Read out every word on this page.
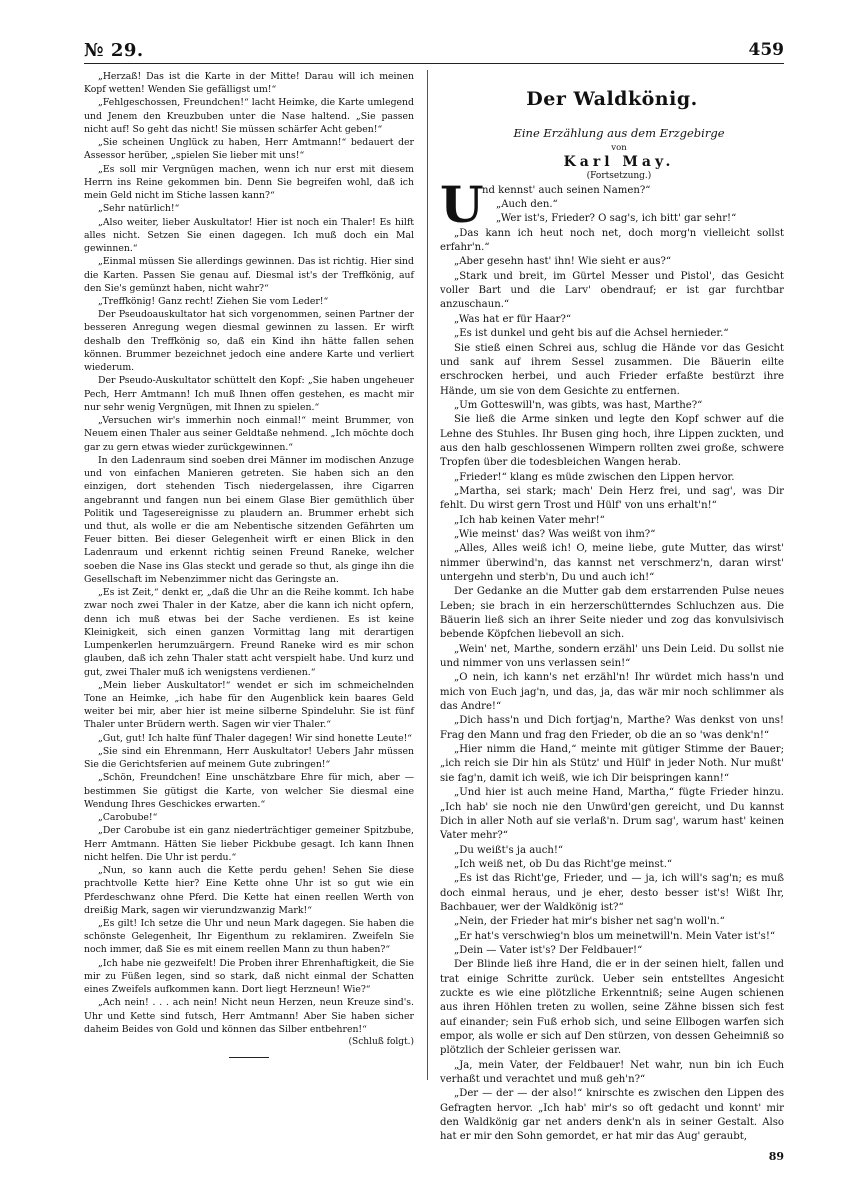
№ 29.	459

„Herzaß! Das ist die Karte in der Mitte! Darau will ich meinen Kopf wetten! Wenden Sie gefälligst um!“

„Fehlgeschossen, Freundchen!“ lacht Heimke, die Karte umlegend und Jenem den Kreuzbuben unter die Nase haltend. „Sie passen nicht auf! So geht das nicht! Sie müssen schärfer Acht geben!“

„Sie scheinen Unglück zu haben, Herr Amtmann!“ bedauert der Assessor herüber, „spielen Sie lieber mit uns!“

„Es soll mir Vergnügen machen, wenn ich nur erst mit diesem Herrn ins Reine gekommen bin. Denn Sie begreifen wohl, daß ich mein Geld nicht im Stiche lassen kann?“

„Sehr natürlich!“

„Also weiter, lieber Auskultator! Hier ist noch ein Thaler! Es hilft alles nicht. Setzen Sie einen dagegen. Ich muß doch ein Mal gewinnen.“

„Einmal müssen Sie allerdings gewinnen. Das ist richtig. Hier sind die Karten. Passen Sie genau auf. Diesmal ist's der Treffkönig, auf den Sie's gemünzt haben, nicht wahr?“

„Treffkönig! Ganz recht! Ziehen Sie vom Leder!“

Der Pseudoauskultator hat sich vorgenommen, seinen Partner der besseren Anregung wegen diesmal gewinnen zu lassen. Er wirft deshalb den Treffkönig so, daß ein Kind ihn hätte fallen sehen können. Brummer bezeichnet jedoch eine andere Karte und verliert wiederum.

Der Pseudo-Auskultator schüttelt den Kopf: „Sie haben ungeheuer Pech, Herr Amtmann! Ich muß Ihnen offen gestehen, es macht mir nur sehr wenig Vergnügen, mit Ihnen zu spielen.“

„Versuchen wir's immerhin noch einmal!“ meint Brummer, von Neuem einen Thaler aus seiner Geldtaße nehmend. „Ich möchte doch gar zu gern etwas wieder zurückgewinnen.“

In den Ladenraum sind soeben drei Männer im modischen Anzuge und von einfachen Manieren getreten. Sie haben sich an den einzigen, dort stehenden Tisch niedergelassen, ihre Cigarren angebrannt und fangen nun bei einem Glase Bier gemüthlich über Politik und Tagesereignisse zu plaudern an. Brummer erhebt sich und thut, als wolle er die am Nebentische sitzenden Gefährten um Feuer bitten. Bei dieser Gelegenheit wirft er einen Blick in den Ladenraum und erkennt richtig seinen Freund Raneke, welcher soeben die Nase ins Glas steckt und gerade so thut, als ginge ihn die Gesellschaft im Nebenzimmer nicht das Geringste an.

„Es ist Zeit,“ denkt er, „daß die Uhr an die Reihe kommt. Ich habe zwar noch zwei Thaler in der Katze, aber die kann ich nicht opfern, denn ich muß etwas bei der Sache verdienen. Es ist keine Kleinigkeit, sich einen ganzen Vormittag lang mit derartigen Lumpenkerlen herumzuärgern. Freund Raneke wird es mir schon glauben, daß ich zehn Thaler statt acht verspielt habe. Und kurz und gut, zwei Thaler muß ich wenigstens verdienen.“

„Mein lieber Auskultator!“ wendet er sich im schmeichelnden Tone an Heimke, „ich habe für den Augenblick kein baares Geld weiter bei mir, aber hier ist meine silberne Spindeluhr. Sie ist fünf Thaler unter Brüdern werth. Sagen wir vier Thaler.“

„Gut, gut! Ich halte fünf Thaler dagegen! Wir sind honette Leute!“

„Sie sind ein Ehrenmann, Herr Auskultator! Uebers Jahr müssen Sie die Gerichtsferien auf meinem Gute zubringen!“

„Schön, Freundchen! Eine unschätzbare Ehre für mich, aber — bestimmen Sie gütigst die Karte, von welcher Sie diesmal eine Wendung Ihres Geschickes erwarten.“

„Carobube!“

„Der Carobube ist ein ganz niederträchtiger gemeiner Spitzbube, Herr Amtmann. Hätten Sie lieber Pickbube gesagt. Ich kann Ihnen nicht helfen. Die Uhr ist perdu.“

„Nun, so kann auch die Kette perdu gehen! Sehen Sie diese prachtvolle Kette hier? Eine Kette ohne Uhr ist so gut wie ein Pferdeschwanz ohne Pferd. Die Kette hat einen reellen Werth von dreißig Mark, sagen wir vierundzwanzig Mark!“

„Es gilt! Ich setze die Uhr und neun Mark dagegen. Sie haben die schönste Gelegenheit, Ihr Eigenthum zu reklamiren. Zweifeln Sie noch immer, daß Sie es mit einem reellen Mann zu thun haben?“

„Ich habe nie gezweifelt! Die Proben ihrer Ehrenhaftigkeit, die Sie mir zu Füßen legen, sind so stark, daß nicht einmal der Schatten eines Zweifels aufkommen kann. Dort liegt Herzneun! Wie?“

„Ach nein! . . . ach nein! Nicht neun Herzen, neun Kreuze sind's. Uhr und Kette sind futsch, Herr Amtmann! Aber Sie haben sicher daheim Beides von Gold und können das Silber entbehren!“

(Schluß folgt.)

Der Waldkönig.

Eine Erzählung aus dem Erzgebirge

von

Karl May.

(Fortsetzung.)

U
nd kennst' auch seinen Namen?“

„Auch den.“

„Wer ist's, Frieder? O sag's, ich bitt' gar sehr!“

„Das kann ich heut noch net, doch morg'n vielleicht sollst erfahr'n.“

„Aber gesehn hast' ihn! Wie sieht er aus?“

„Stark und breit, im Gürtel Messer und Pistol', das Gesicht voller Bart und die Larv' obendrauf; er ist gar furchtbar anzuschaun.“

„Was hat er für Haar?“

„Es ist dunkel und geht bis auf die Achsel hernieder.“

Sie stieß einen Schrei aus, schlug die Hände vor das Gesicht und sank auf ihrem Sessel zusammen. Die Bäuerin eilte erschrocken herbei, und auch Frieder erfaßte bestürzt ihre Hände, um sie von dem Gesichte zu entfernen.

„Um Gotteswill'n, was gibts, was hast, Marthe?“

Sie ließ die Arme sinken und legte den Kopf schwer auf die Lehne des Stuhles. Ihr Busen ging hoch, ihre Lippen zuckten, und aus den halb geschlossenen Wimpern rollten zwei große, schwere Tropfen über die todesbleichen Wangen herab.

„Frieder!“ klang es müde zwischen den Lippen hervor.

„Martha, sei stark; mach' Dein Herz frei, und sag', was Dir fehlt. Du wirst gern Trost und Hülf' von uns erhalt'n!“

„Ich hab keinen Vater mehr!“

„Wie meinst' das? Was weißt von ihm?“

„Alles, Alles weiß ich! O, meine liebe, gute Mutter, das wirst' nimmer überwind'n, das kannst net verschmerz'n, daran wirst' untergehn und sterb'n, Du und auch ich!“

Der Gedanke an die Mutter gab dem erstarrenden Pulse neues Leben; sie brach in ein herzerschütterndes Schluchzen aus. Die Bäuerin ließ sich an ihrer Seite nieder und zog das konvulsivisch bebende Köpfchen liebevoll an sich.

„Wein' net, Marthe, sondern erzähl' uns Dein Leid. Du sollst nie und nimmer von uns verlassen sein!“

„O nein, ich kann's net erzähl'n! Ihr würdet mich hass'n und mich von Euch jag'n, und das, ja, das wär mir noch schlimmer als das Andre!“

„Dich hass'n und Dich fortjag'n, Marthe? Was denkst von uns! Frag den Mann und frag den Frieder, ob die an so 'was denk'n!“

„Hier nimm die Hand,“ meinte mit gütiger Stimme der Bauer; „ich reich sie Dir hin als Stütz' und Hülf' in jeder Noth. Nur mußt' sie fag'n, damit ich weiß, wie ich Dir beispringen kann!“

„Und hier ist auch meine Hand, Martha,“ fügte Frieder hinzu. „Ich hab' sie noch nie den Unwürd'gen gereicht, und Du kannst Dich in aller Noth auf sie verlaß'n. Drum sag', warum hast' keinen Vater mehr?“

„Du weißt's ja auch!“

„Ich weiß net, ob Du das Richt'ge meinst.“

„Es ist das Richt'ge, Frieder, und — ja, ich will's sag'n; es muß doch einmal heraus, und je eher, desto besser ist's! Wißt Ihr, Bachbauer, wer der Waldkönig ist?“

„Nein, der Frieder hat mir's bisher net sag'n woll'n.“

„Er hat's verschwieg'n blos um meinetwill'n. Mein Vater ist's!“

„Dein — Vater ist's? Der Feldbauer!“

Der Blinde ließ ihre Hand, die er in der seinen hielt, fallen und trat einige Schritte zurück. Ueber sein entstelltes Angesicht zuckte es wie eine plötzliche Erkenntniß; seine Augen schienen aus ihren Höhlen treten zu wollen, seine Zähne bissen sich fest auf einander; sein Fuß erhob sich, und seine Ellbogen warfen sich empor, als wolle er sich auf Den stürzen, von dessen Geheimniß so plötzlich der Schleier gerissen war.

„Ja, mein Vater, der Feldbauer! Net wahr, nun bin ich Euch verhaßt und verachtet und muß geh'n?“

„Der — der — der also!“ knirschte es zwischen den Lippen des Gefragten hervor. „Ich hab' mir's so oft gedacht und konnt' mir den Waldkönig gar net anders denk'n als in seiner Gestalt. Also hat er mir den Sohn gemordet, er hat mir das Aug' geraubt,

89
